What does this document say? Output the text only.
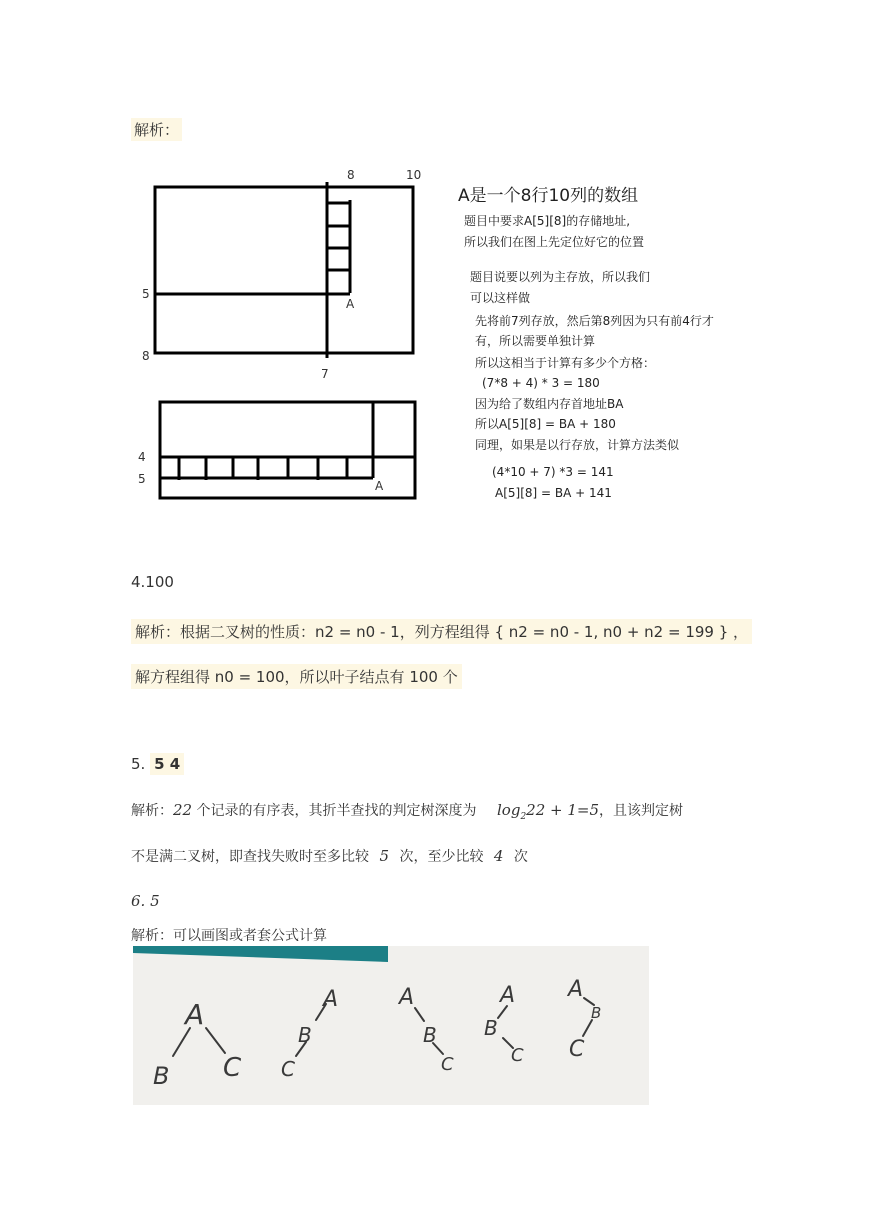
解析：
8	10
5
8
7
A
4
5	A
A是一个8行10列的数组
题目中要求A[5][8]的存储地址,
所以我们在图上先定位好它的位置
题目说要以列为主存放，所以我们
可以这样做
先将前7列存放，然后第8列因为只有前4行才
有，所以需要单独计算
所以这相当于计算有多少个方格：
(7*8 + 4) * 3 = 180
因为给了数组内存首地址BA
所以A[5][8] = BA + 180
同理，如果是以行存放，计算方法类似
(4*10 + 7) *3 = 141
A[5][8] = BA + 141
4.100
解析：根据二叉树的性质：n2 = n0 - 1，列方程组得 { n2 = n0 - 1, n0 + n2 = 199 } ，
解方程组得 n0 = 100，所以叶子结点有 100 个
5. 5 4
解析：22 个记录的有序表，其折半查找的判定树深度为 $\log_222 + 1=5$，且该判定树
不是满二叉树，即查找失败时至多比较 5 次，至少比较 4 次
6. 5
解析：可以画图或者套公式计算
A
B C
A
B
C
A
B
C
A
B
C
A
B
C
